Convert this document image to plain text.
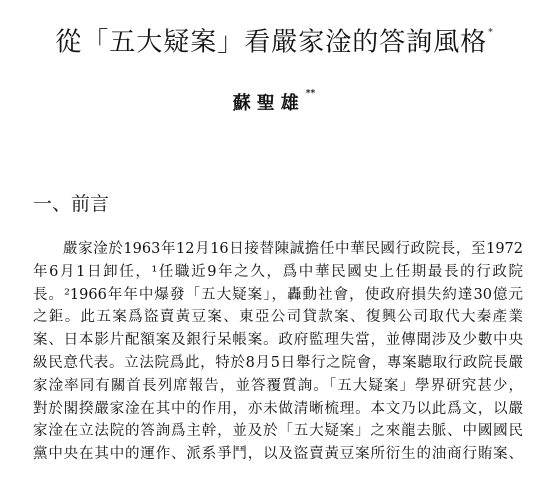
從「五大疑案」看嚴家淦的答詢風格*
蘇聖雄**
一、前言
嚴家淦於1963年12月16日接替陳誠擔任中華民國行政院長，至1972
年6月1日卸任，¹任職近9年之久，爲中華民國史上任期最長的行政院
長。²1966年年中爆發「五大疑案」，轟動社會，使政府損失約達30億元
之鉅。此五案爲盜賣黃豆案、東亞公司貸款案、復興公司取代大秦產業
案、日本影片配額案及銀行呆帳案。政府監理失當，並傳聞涉及少數中央
級民意代表。立法院爲此，特於8月5日舉行之院會，專案聽取行政院長嚴
家淦率同有關首長列席報告，並答覆質詢。「五大疑案」學界研究甚少，
對於閣揆嚴家淦在其中的作用，亦未做清晰梳理。本文乃以此爲文，以嚴
家淦在立法院的答詢爲主幹，並及於「五大疑案」之來龍去脈、中國國民
黨中央在其中的運作、派系爭鬥，以及盜賣黃豆案所衍生的油商行賄案、
